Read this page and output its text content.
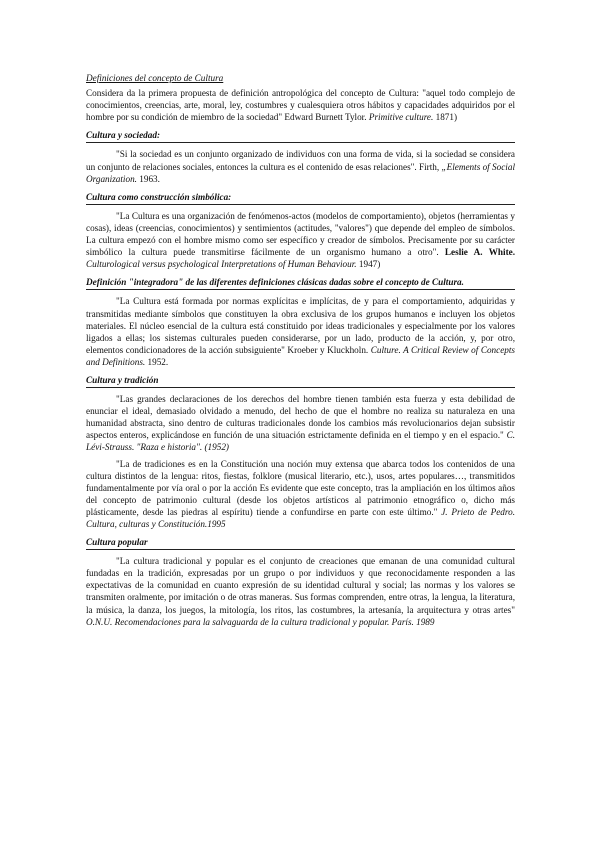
Definiciones del concepto de Cultura

Considera da la primera propuesta de definición antropológica del concepto de Cultura: "aquel todo complejo de conocimientos, creencias, arte, moral, ley, costumbres y cualesquiera otros hábitos y capacidades adquiridos por el hombre por su condición de miembro de la sociedad" Edward Burnett Tylor. Primitive culture. 1871)

Cultura y sociedad:

"Si la sociedad es un conjunto organizado de individuos con una forma de vida, si la sociedad se considera un conjunto de relaciones sociales, entonces la cultura es el contenido de esas relaciones". Firth, „Elements of Social Organization. 1963.

Cultura como construcción simbólica:

"La Cultura es una organización de fenómenos-actos (modelos de comportamiento), objetos (herramientas y cosas), ideas (creencias, conocimientos) y sentimientos (actitudes, "valores") que depende del empleo de símbolos. La cultura empezó con el hombre mismo como ser específico y creador de símbolos. Precisamente por su carácter simbólico la cultura puede transmitirse fácilmente de un organismo humano a otro". Leslie A. White. Culturological versus psychological Interpretations of Human Behaviour. 1947)

Definición "integradora" de las diferentes definiciones clásicas dadas sobre el concepto de Cultura.

"La Cultura está formada por normas explícitas e implícitas, de y para el comportamiento, adquiridas y transmitidas mediante símbolos que constituyen la obra exclusiva de los grupos humanos e incluyen los objetos materiales. El núcleo esencial de la cultura está constituido por ideas tradicionales y especialmente por los valores ligados a ellas; los sistemas culturales pueden considerarse, por un lado, producto de la acción, y, por otro, elementos condicionadores de la acción subsiguiente" Kroeber y Kluckholn. Culture. A Critical Review of Concepts and Definitions. 1952.

Cultura y tradición

"Las grandes declaraciones de los derechos del hombre tienen también esta fuerza y esta debilidad de enunciar el ideal, demasiado olvidado a menudo, del hecho de que el hombre no realiza su naturaleza en una humanidad abstracta, sino dentro de culturas tradicionales donde los cambios más revolucionarios dejan subsistir aspectos enteros, explicándose en función de una situación estrictamente definida en el tiempo y en el espacio." C. Lévi-Strauss. "Raza e historia". (1952)

"La de tradiciones es en la Constitución una noción muy extensa que abarca todos los contenidos de una cultura distintos de la lengua: ritos, fiestas, folklore (musical literario, etc.), usos, artes populares…, transmitidos fundamentalmente por vía oral o por la acción Es evidente que este concepto, tras la ampliación en los últimos años del concepto de patrimonio cultural (desde los objetos artísticos al patrimonio etnográfico o, dicho más plásticamente, desde las piedras al espíritu) tiende a confundirse en parte con este último." J. Prieto de Pedro. Cultura, culturas y Constitución.1995

Cultura popular

"La cultura tradicional y popular es el conjunto de creaciones que emanan de una comunidad cultural fundadas en la tradición, expresadas por un grupo o por individuos y que reconocidamente responden a las expectativas de la comunidad en cuanto expresión de su identidad cultural y social; las normas y los valores se transmiten oralmente, por imitación o de otras maneras. Sus formas comprenden, entre otras, la lengua, la literatura, la música, la danza, los juegos, la mitología, los ritos, las costumbres, la artesanía, la arquitectura y otras artes" O.N.U. Recomendaciones para la salvaguarda de la cultura tradicional y popular. París. 1989
